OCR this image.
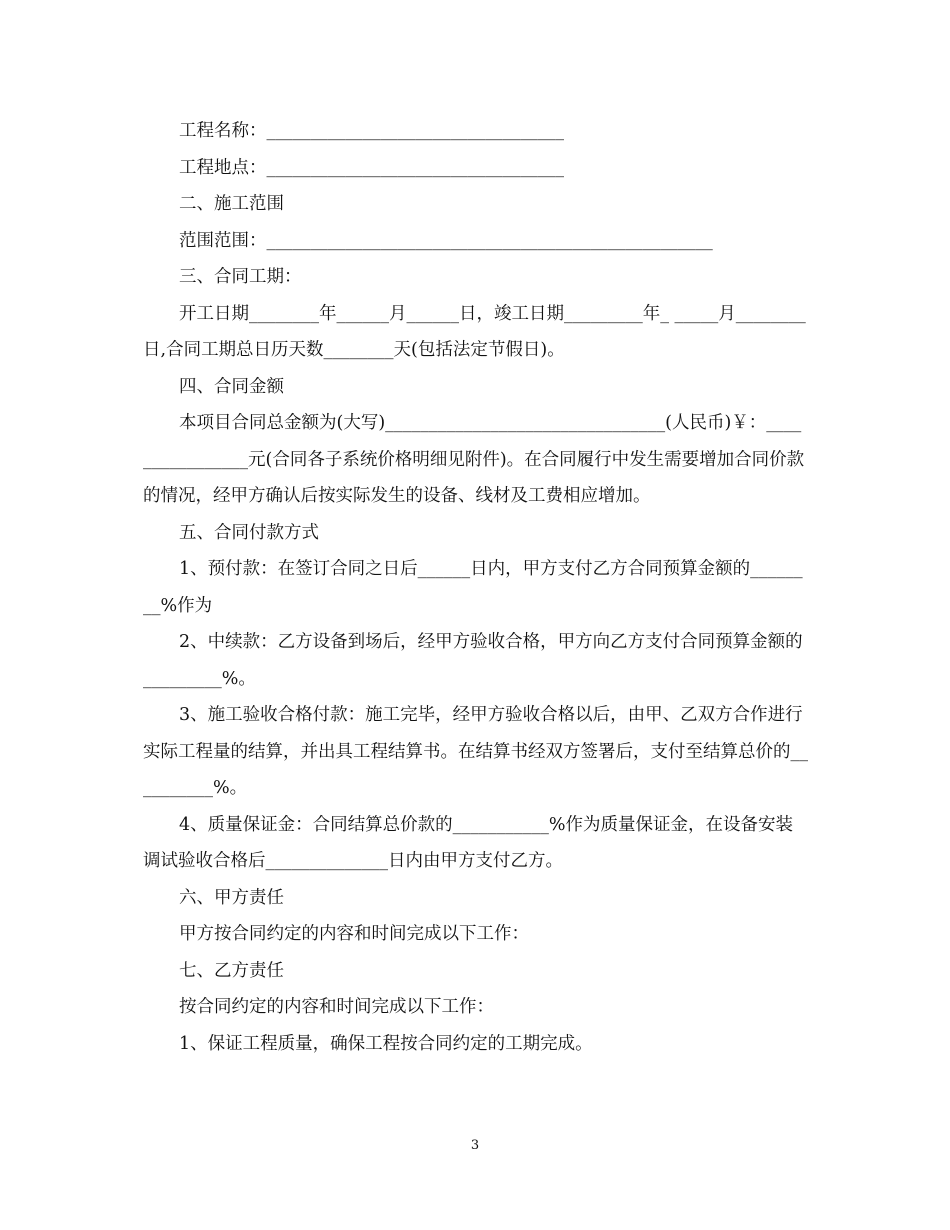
工程名称：__________________________________

工程地点：__________________________________

二、施工范围

范围范围：___________________________________________________

三、合同工期：

开工日期________年______月______日，竣工日期_________年_ _____月________日,合同工期总日历天数________天(包括法定节假日)。

四、合同金额

本项目合同总金额为(大写)________________________________(人民币)￥：________________元(合同各子系统价格明细见附件)。在合同履行中发生需要增加合同价款的情况，经甲方确认后按实际发生的设备、线材及工费相应增加。

五、合同付款方式

1、预付款：在签订合同之日后______日内，甲方支付乙方合同预算金额的________%作为

2、中续款：乙方设备到场后，经甲方验收合格，甲方向乙方支付合同预算金额的_________%。

3、施工验收合格付款：施工完毕，经甲方验收合格以后，由甲、乙双方合作进行实际工程量的结算，并出具工程结算书。在结算书经双方签署后，支付至结算总价的__________%。

4、质量保证金：合同结算总价款的___________%作为质量保证金，在设备安装调试验收合格后______________日内由甲方支付乙方。

六、甲方责任

甲方按合同约定的内容和时间完成以下工作：

七、乙方责任

按合同约定的内容和时间完成以下工作：

1、保证工程质量，确保工程按合同约定的工期完成。

3
